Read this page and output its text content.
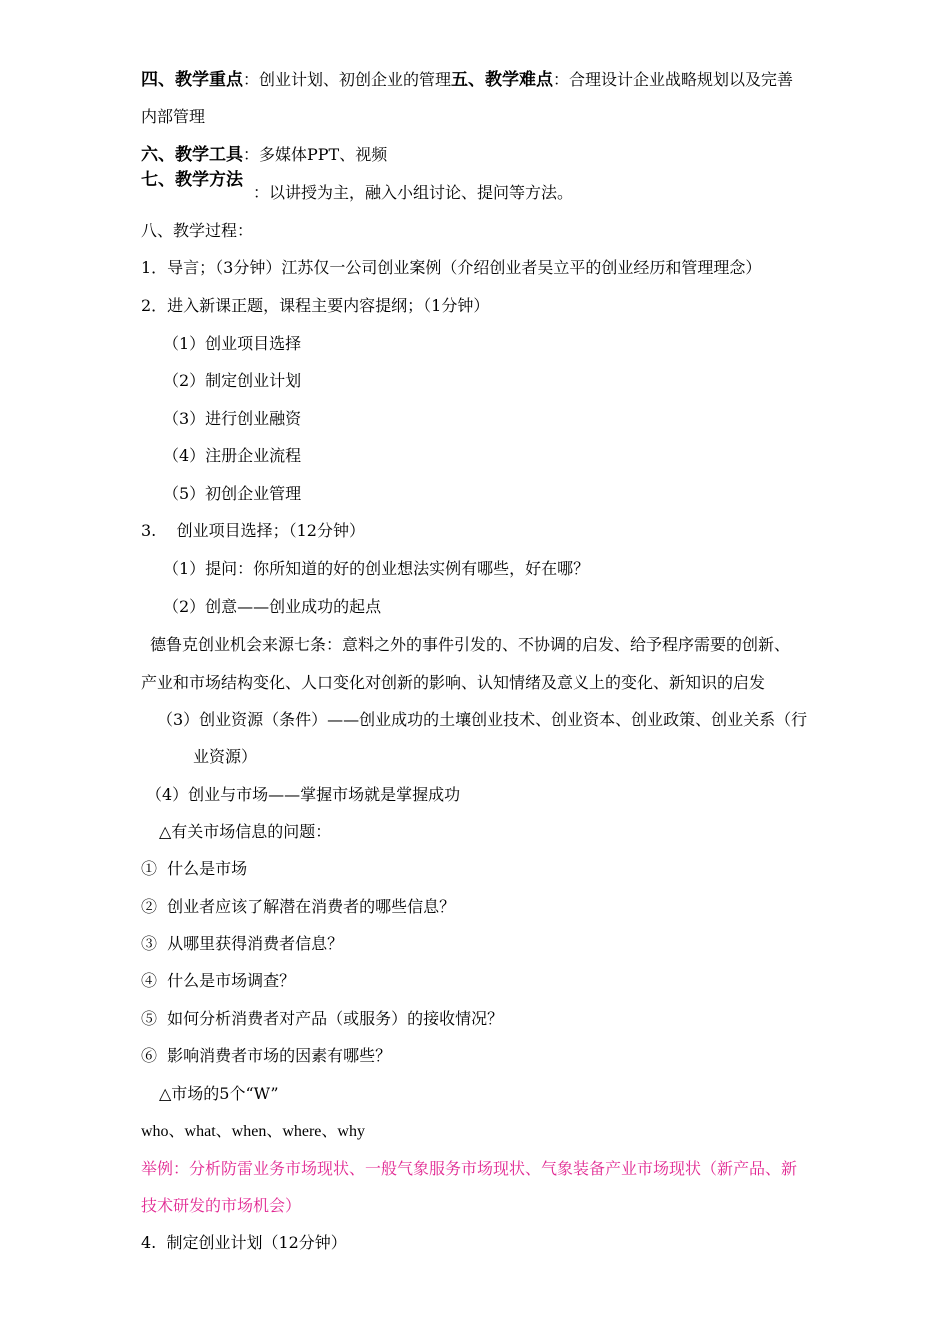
四、教学重点：创业计划、初创企业的管理五、教学难点：合理设计企业战略规划以及完善
内部管理
六、教学工具：多媒体PPT、视频
七、教学方法
：以讲授为主，融入小组讨论、提问等方法。
八、教学过程：
1．导言；（3分钟）江苏仅一公司创业案例（介绍创业者吴立平的创业经历和管理理念）
2．进入新课正题，课程主要内容提纲；（1分钟）
（1）创业项目选择
（2）制定创业计划
（3）进行创业融资
（4）注册企业流程
（5）初创企业管理
3.    创业项目选择；（12分钟）
（1）提问：你所知道的好的创业想法实例有哪些，好在哪？
（2）创意——创业成功的起点
德鲁克创业机会来源七条：意料之外的事件引发的、不协调的启发、给予程序需要的创新、
产业和市场结构变化、人口变化对创新的影响、认知情绪及意义上的变化、新知识的启发
（3）创业资源（条件）——创业成功的土壤创业技术、创业资本、创业政策、创业关系（行
业资源）
（4）创业与市场——掌握市场就是掌握成功
△有关市场信息的问题：
①  什么是市场
②  创业者应该了解潜在消费者的哪些信息？
③  从哪里获得消费者信息？
④  什么是市场调查？
⑤  如何分析消费者对产品（或服务）的接收情况？
⑥  影响消费者市场的因素有哪些？
△市场的5个“W”
who、what、when、where、why
举例：分析防雷业务市场现状、一般气象服务市场现状、气象装备产业市场现状（新产品、新
技术研发的市场机会）
4.  制定创业计划（12分钟）
